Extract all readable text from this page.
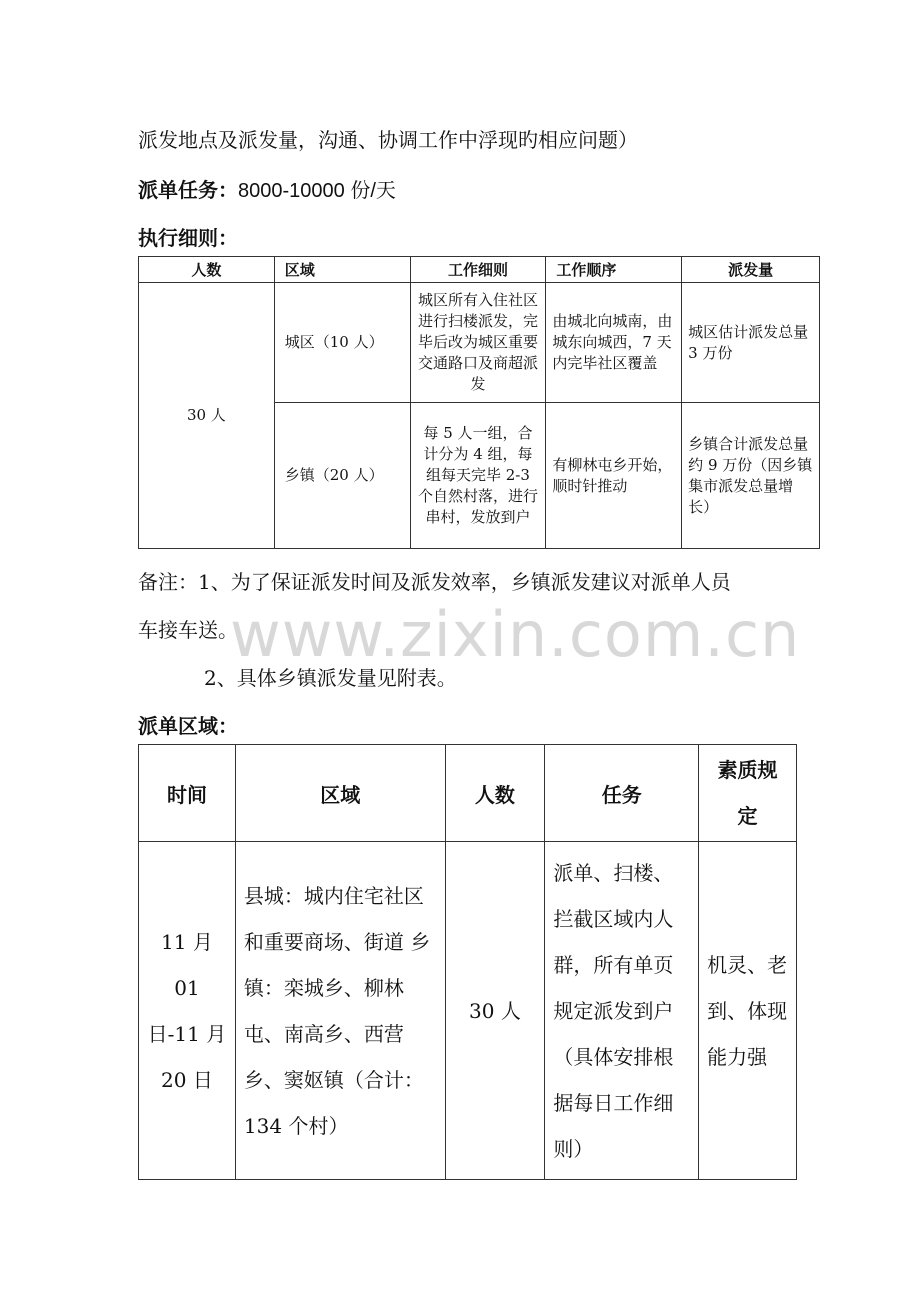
派发地点及派发量，沟通、协调工作中浮现旳相应问题）
派单任务：8000-10000 份/天
执行细则：
人数	区域	工作细则	工作顺序	派发量
30 人	城区（10 人）	城区所有入住社区进行扫楼派发，完毕后改为城区重要交通路口及商超派发	由城北向城南，由城东向城西，7 天内完毕社区覆盖	城区估计派发总量 3 万份
	乡镇（20 人）	每 5 人一组，合计分为 4 组，每组每天完毕 2-3 个自然村落，进行串村，发放到户	有柳林屯乡开始，顺时针推动	乡镇合计派发总量约 9 万份（因乡镇集市派发总量增长）
备注：1、为了保证派发时间及派发效率，乡镇派发建议对派单人员
车接车送。
2、具体乡镇派发量见附表。
派单区域：
时间	区域	人数	任务	素质规定
11 月 01 日-11 月 20 日	县城：城内住宅社区和重要商场、街道 乡镇：栾城乡、柳林屯、南高乡、西营乡、窦妪镇（合计：134 个村）	30 人	派单、扫楼、拦截区域内人群，所有单页规定派发到户（具体安排根据每日工作细则）	机灵、老到、体现能力强
www.zixin.com.cn
